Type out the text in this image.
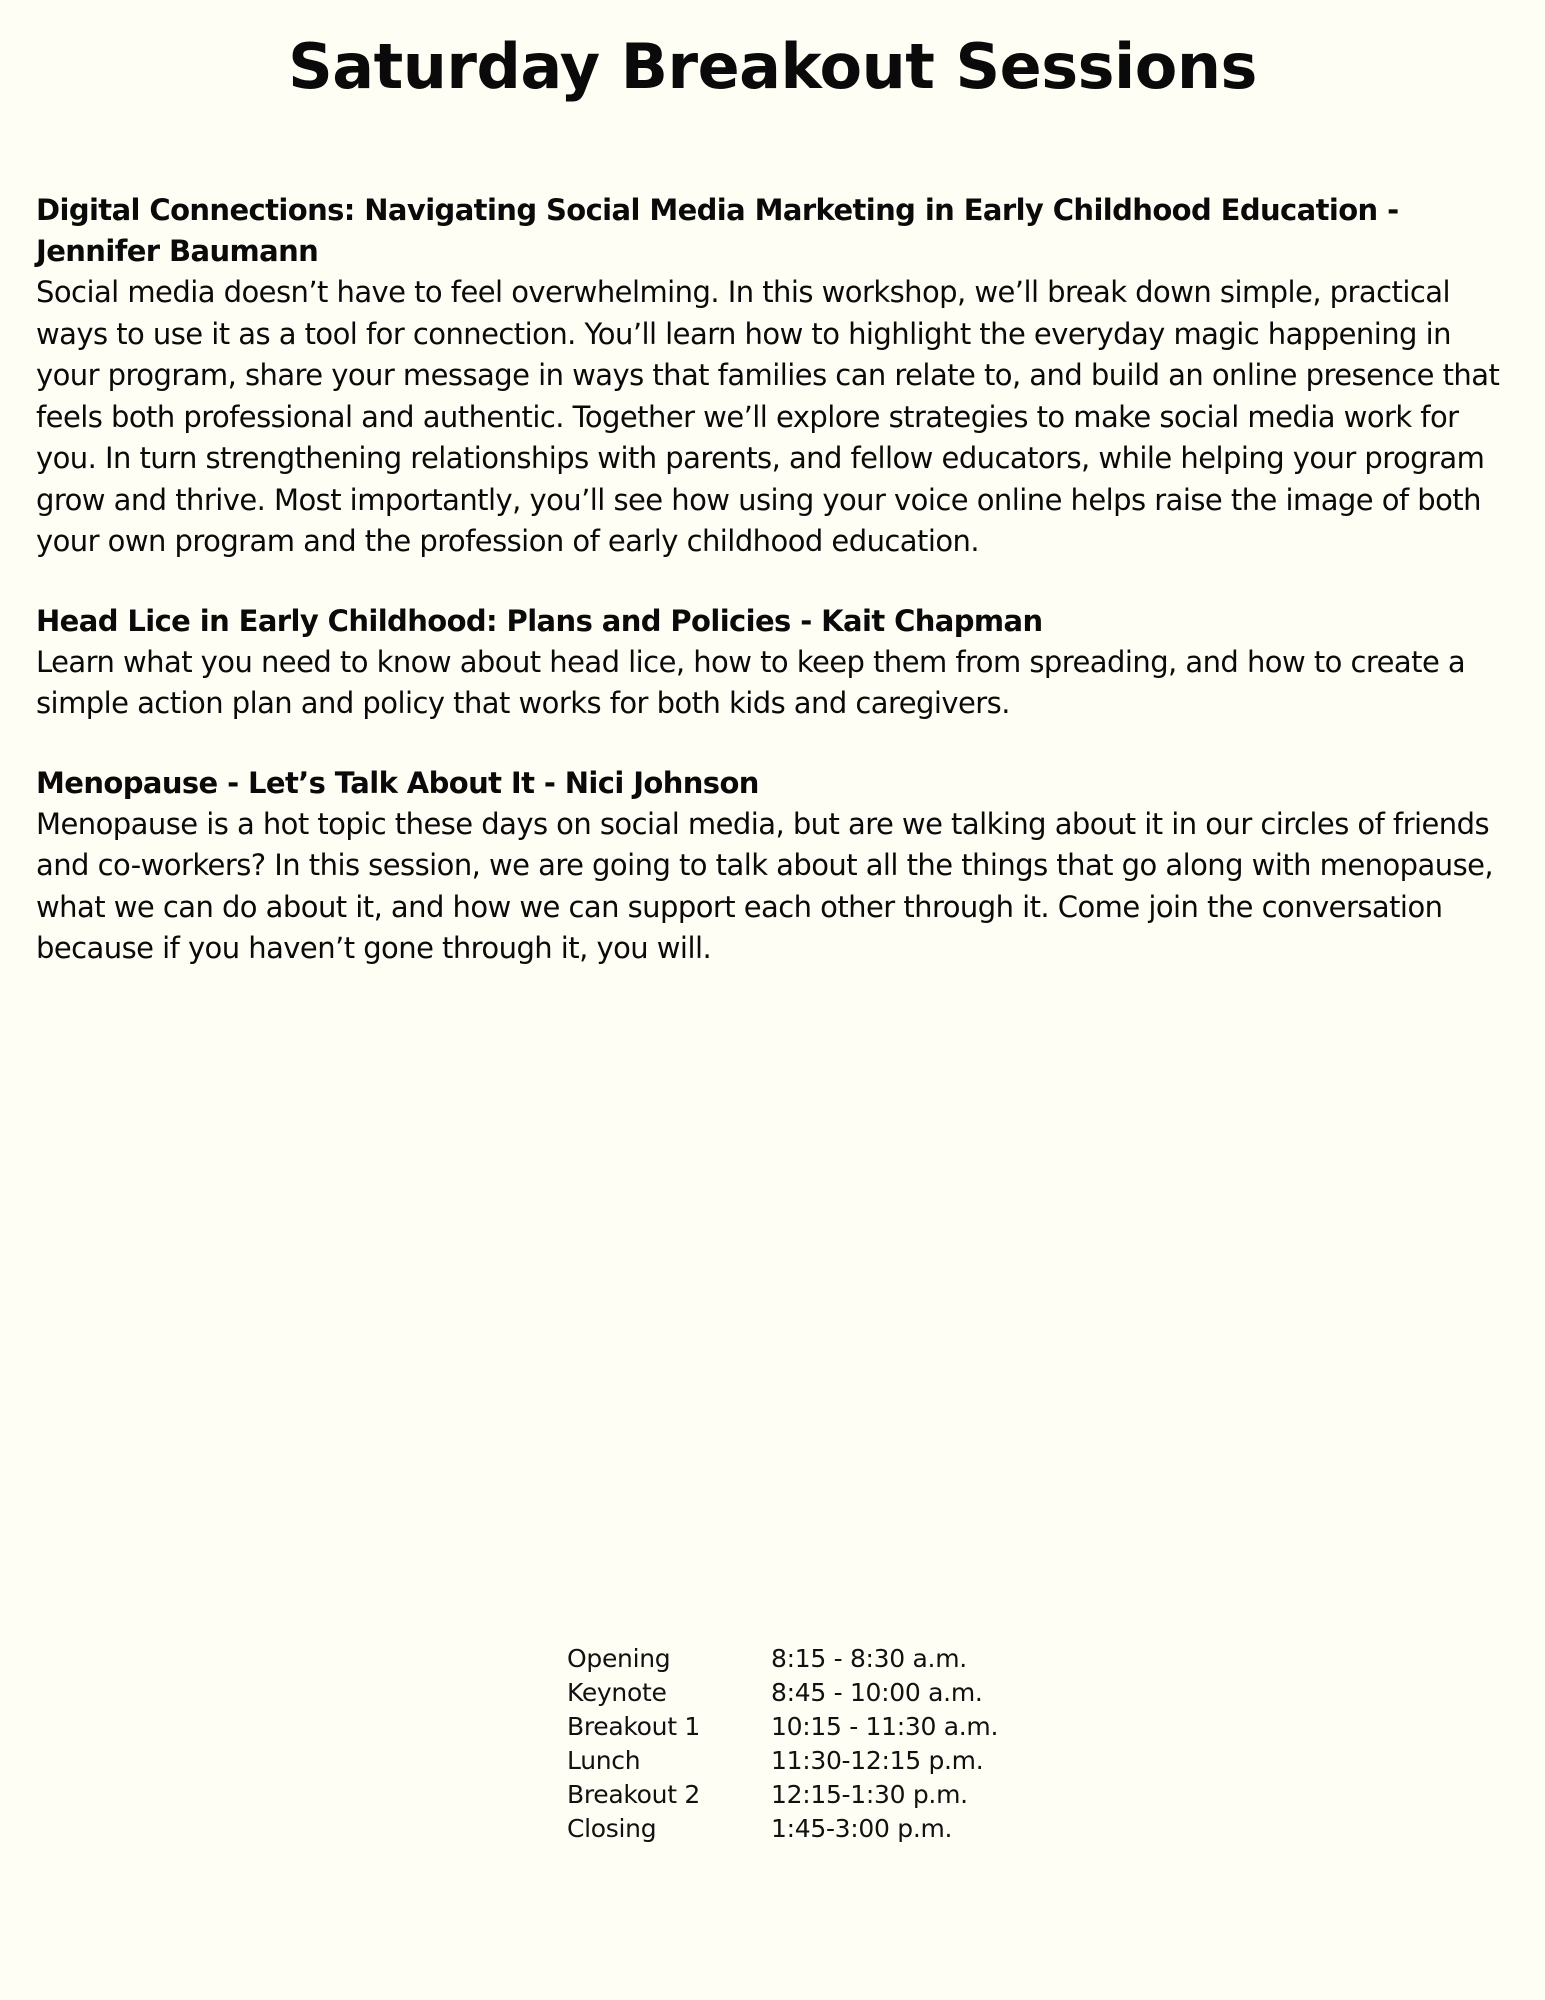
Saturday Breakout Sessions

Digital Connections: Navigating Social Media Marketing in Early Childhood Education - Jennifer Baumann

Social media doesn’t have to feel overwhelming. In this workshop, we’ll break down simple, practical ways to use it as a tool for connection. You’ll learn how to highlight the everyday magic happening in your program, share your message in ways that families can relate to, and build an online presence that feels both professional and authentic. Together we’ll explore strategies to make social media work for you. In turn strengthening relationships with parents, and fellow educators, while helping your program grow and thrive. Most importantly, you’ll see how using your voice online helps raise the image of both your own program and the profession of early childhood education.

Head Lice in Early Childhood: Plans and Policies - Kait Chapman

Learn what you need to know about head lice, how to keep them from spreading, and how to create a simple action plan and policy that works for both kids and caregivers.

Menopause - Let’s Talk About It - Nici Johnson

Menopause is a hot topic these days on social media, but are we talking about it in our circles of friends and co-workers? In this session, we are going to talk about all the things that go along with menopause, what we can do about it, and how we can support each other through it. Come join the conversation because if you haven’t gone through it, you will.

Opening	8:15 - 8:30 a.m.
Keynote	8:45 - 10:00 a.m.
Breakout 1	10:15 - 11:30 a.m.
Lunch	11:30-12:15 p.m.
Breakout 2	12:15-1:30 p.m.
Closing	1:45-3:00 p.m.
